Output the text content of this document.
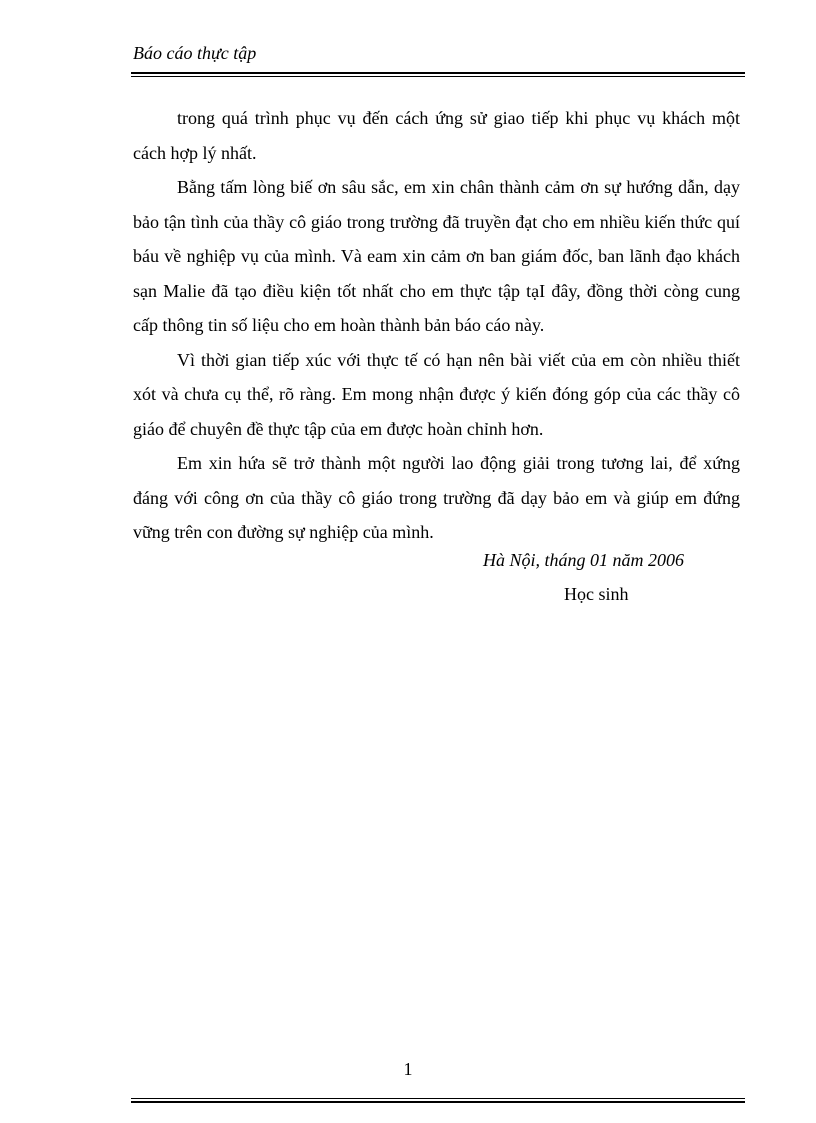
Báo cáo thực tập

trong quá trình phục vụ đến cách ứng sử giao tiếp khi phục vụ khách một cách hợp lý nhất.

Bằng tấm lòng biế ơn sâu sắc, em xin chân thành cảm ơn sự hướng dẫn, dạy bảo tận tình của thầy cô giáo trong trường đã truyền đạt cho em nhiều kiến thức quí báu về nghiệp vụ của mình. Và eam xin cảm ơn ban giám đốc, ban lãnh đạo khách sạn Malie đã tạo điều kiện tốt nhất cho em thực tập tạI đây, đồng thời còng cung cấp thông tin số liệu cho em hoàn thành bản báo cáo này.

Vì thời gian tiếp xúc với thực tế có hạn nên bài viết của em còn nhiều thiết xót và chưa cụ thể, rõ ràng. Em mong nhận được ý kiến đóng góp của các thầy cô giáo để chuyên đề thực tập của em được hoàn chỉnh hơn.

Em xin hứa sẽ trở thành một người lao động giải trong tương lai, để xứng đáng với công ơn của thầy cô giáo trong trường đã dạy bảo em và giúp em đứng vững trên con đường sự nghiệp của mình.

Hà Nội, tháng 01 năm 2006
Học sinh
1
